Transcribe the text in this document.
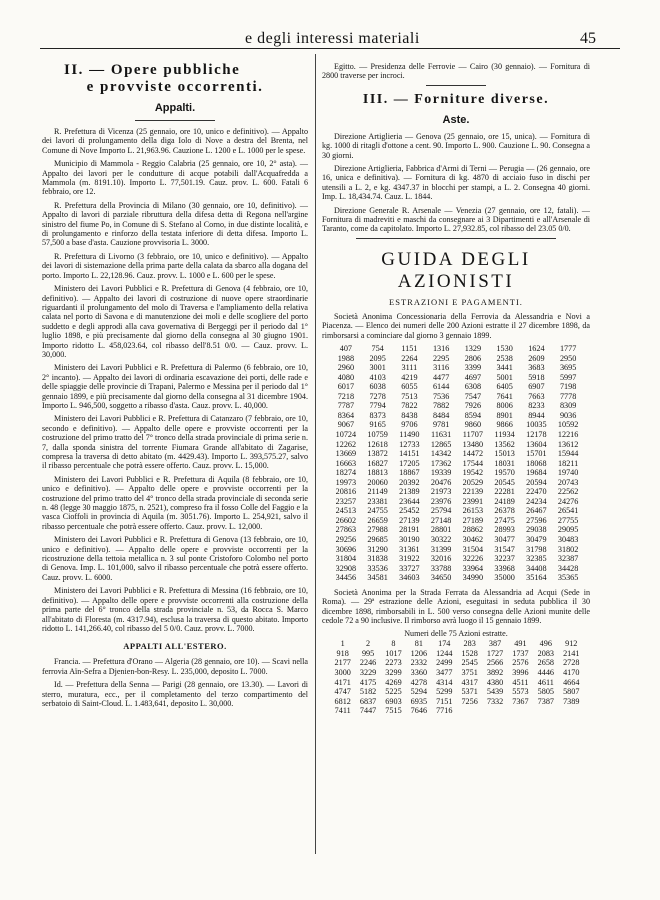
e degli interessi materiali	45
II. — Opere pubbliche
e provviste occorrenti.
Appalti.

R. Prefettura di Vicenza (25 gennaio, ore 10, unico e definitivo). — Appalto dei lavori di prolungamento della diga Iolo di Nove a destra del Brenta, nel Comune di Nove Importo L. 21,963.96. Cauzione L. 1200 e L. 1000 per le spese.

Municipio di Mammola - Reggio Calabria (25 gennaio, ore 10, 2° asta). — Appalto dei lavori per le condutture di acque potabili dall'Acquafredda a Mammola (m. 8191.10). Importo L. 77,501.19. Cauz. prov. L. 600. Fatali 6 febbraio, ore 12.

R. Prefettura della Provincia di Milano (30 gennaio, ore 10, definitivo). — Appalto di lavori di parziale ribruttura della difesa detta di Regona nell'argine sinistro del fiume Po, in Comune di S. Stefano al Corno, in due distinte località, e di prolungamento e rinforzo della testata inferiore di detta difesa. Importo L. 57,500 a base d'asta. Cauzione provvisoria L. 3000.

R. Prefettura di Livorno (3 febbraio, ore 10, unico e definitivo). — Appalto dei lavori di sistemazione della prima parte della calata da sbarco alla dogana del porto. Importo L. 22,128.96. Cauz. provv. L. 1000 e L. 600 per le spese.

Ministero dei Lavori Pubblici e R. Prefettura di Genova (4 febbraio, ore 10, definitivo). — Appalto dei lavori di costruzione di nuove opere straordinarie riguardanti il prolungamento del molo di Traversa e l'ampliamento della relativa calata nel porto di Savona e di manutenzione dei moli e delle scogliere del porto suddetto e degli approdi alla cava governativa di Bergeggi per il periodo dal 1° luglio 1898, e più precisamente dal giorno della consegna al 30 giugno 1901. Importo ridotto L. 458,023.64, col ribasso dell'8.51 0/0. — Cauz. provv. L. 30,000.

Ministero dei Lavori Pubblici e R. Prefettura di Palermo (6 febbraio, ore 10, 2° incanto). — Appalto dei lavori di ordinaria escavazione dei porti, delle rade e delle spiaggie delle provincie di Trapani, Palermo e Messina per il periodo dal 1° gennaio 1899, e più precisamente dal giorno della consegna al 31 dicembre 1904. Importo L. 946,500, soggetto a ribasso d'asta. Cauz. provv. L. 40,000.

Ministero dei Lavori Pubblici e R. Prefettura di Catanzaro (7 febbraio, ore 10, secondo e definitivo). — Appalto delle opere e provviste occorrenti per la costruzione del primo tratto del 7° tronco della strada provinciale di prima serie n. 7, dalla sponda sinistra del torrente Fiumara Grande all'abitato di Zagarise, compresa la traversa di detto abitato (m. 4429.43). Importo L. 393,575.27, salvo il ribasso percentuale che potrà essere offerto. Cauz. provv. L. 15,000.

Ministero dei Lavori Pubblici e R. Prefettura di Aquila (8 febbraio, ore 10, unico e definitivo). — Appalto delle opere e provviste occorrenti per la costruzione del primo tratto del 4° tronco della strada provinciale di seconda serie n. 48 (legge 30 maggio 1875, n. 2521), compreso fra il fosso Colle del Faggio e la vasca Cioffoli in provincia di Aquila (m. 3051.76). Importo L. 254,921, salvo il ribasso percentuale che potrà essere offerto. Cauz. provv. L. 12,000.

Ministero dei Lavori Pubblici e R. Prefettura di Genova (13 febbraio, ore 10, unico e definitivo). — Appalto delle opere e provviste occorrenti per la ricostruzione della tettoia metallica n. 3 sul ponte Cristoforo Colombo nel porto di Genova. Imp. L. 101,000, salvo il ribasso percentuale che potrà essere offerto. Cauz. provv. L. 6000.

Ministero dei Lavori Pubblici e R. Prefettura di Messina (16 febbraio, ore 10, definitivo). — Appalto delle opere e provviste occorrenti alla costruzione della prima parte del 6° tronco della strada provinciale n. 53, da Rocca S. Marco all'abitato di Floresta (m. 4317.94), esclusa la traversa di questo abitato. Importo ridotto L. 141,266.40, col ribasso del 5 0/0. Cauz. provv. L. 7000.

APPALTI ALL'ESTERO.

Francia. — Prefettura d'Orano — Algeria (28 gennaio, ore 10). — Scavi nella ferrovia Aïn-Sefra a Djenien-bon-Resy. L. 235,000, deposito L. 7000.

Id. — Prefettura della Senna — Parigi (28 gennaio, ore 13.30). — Lavori di sterro, muratura, ecc., per il completamento del terzo compartimento del serbatoio di Saint-Cloud. L. 1.483,641, deposito L. 30,000.

Egitto. — Presidenza delle Ferrovie — Cairo (30 gennaio). — Fornitura di 2800 traverse per incroci.

III. — Forniture diverse.
Aste.

Direzione Artiglieria — Genova (25 gennaio, ore 15, unica). — Fornitura di kg. 1000 di ritagli d'ottone a cent. 90. Importo L. 900. Cauzione L. 90. Consegna a 30 giorni.

Direzione Artiglieria, Fabbrica d'Armi di Terni — Perugia — (26 gennaio, ore 16, unica e definitiva). — Fornitura di kg. 4870 di acciaio fuso in dischi per utensili a L. 2, e kg. 4347.37 in blocchi per stampi, a L. 2. Consegna 40 giorni. Imp. L. 18,434.74. Cauz. L. 1844.

Direzione Generale R. Arsenale — Venezia (27 gennaio, ore 12, fatali). — Fornitura di madreviti e maschi da consegnare ai 3 Dipartimenti e all'Arsenale di Taranto, come da capitolato. Importo L. 27,932.85, col ribasso del 23.05 0/0.

GUIDA DEGLI AZIONISTI
ESTRAZIONI E PAGAMENTI.

Società Anonima Concessionaria della Ferrovia da Alessandria e Novi a Piacenza. — Elenco dei numeri delle 200 Azioni estratte il 27 dicembre 1898, da rimborsarsi a cominciare dal giorno 3 gennaio 1899.

407	754	1151	1316	1329	1530	1624	1777
1988	2095	2264	2295	2806	2538	2609	2950
2960	3001	3111	3116	3399	3441	3683	3695
4080	4103	4219	4477	4697	5001	5918	5997
6017	6038	6055	6144	6308	6405	6907	7198
7218	7278	7513	7536	7547	7641	7663	7778
7787	7794	7822	7882	7926	8006	8233	8309
8364	8373	8438	8484	8594	8901	8944	9036
9067	9165	9706	9781	9860	9866	10035	10592
10724	10759	11490	11631	11707	11934	12178	12216
12262	12618	12733	12865	13480	13562	13604	13612
13669	13872	14151	14342	14472	15013	15701	15944
16663	16827	17205	17362	17544	18031	18068	18211
18274	18813	18867	19339	19542	19570	19684	19740
19973	20060	20392	20476	20529	20545	20594	20743
20816	21149	21389	21973	22139	22281	22470	22562
23257	23381	23644	23976	23991	24189	24234	24276
24513	24755	25452	25794	26153	26378	26467	26541
26602	26659	27139	27148	27189	27475	27596	27755
27863	27988	28191	28801	28862	28993	29038	29095
29256	29685	30190	30322	30462	30477	30479	30483
30696	31290	31361	31399	31504	31547	31798	31802
31804	31838	31922	32016	32226	32237	32385	32387
32908	33536	33727	33788	33964	33968	34408	34428
34456	34581	34603	34650	34990	35000	35164	35365

Società Anonima per la Strada Ferrata da Alessandria ad Acqui (Sede in Roma). — 29ª estrazione delle Azioni, eseguitasi in seduta pubblica il 30 dicembre 1898, rimborsabili in L. 500 verso consegna delle Azioni munite delle cedole 72 a 90 inclusive. Il rimborso avrà luogo il 15 gennaio 1899.

Numeri delle 75 Azioni estratte.
1	2	8	81	174	283	387	491	496	912
918	995	1017	1206	1244	1528	1727	1737	2083	2141
2177	2246	2273	2332	2499	2545	2566	2576	2658	2728
3000	3229	3299	3360	3477	3751	3892	3996	4446	4170
4171	4175	4269	4278	4314	4317	4380	4511	4611	4664
4747	5182	5225	5294	5299	5371	5439	5573	5805	5807
6812	6837	6903	6935	7151	7256	7332	7367	7387	7389
7411	7447	7515	7646	7716					
